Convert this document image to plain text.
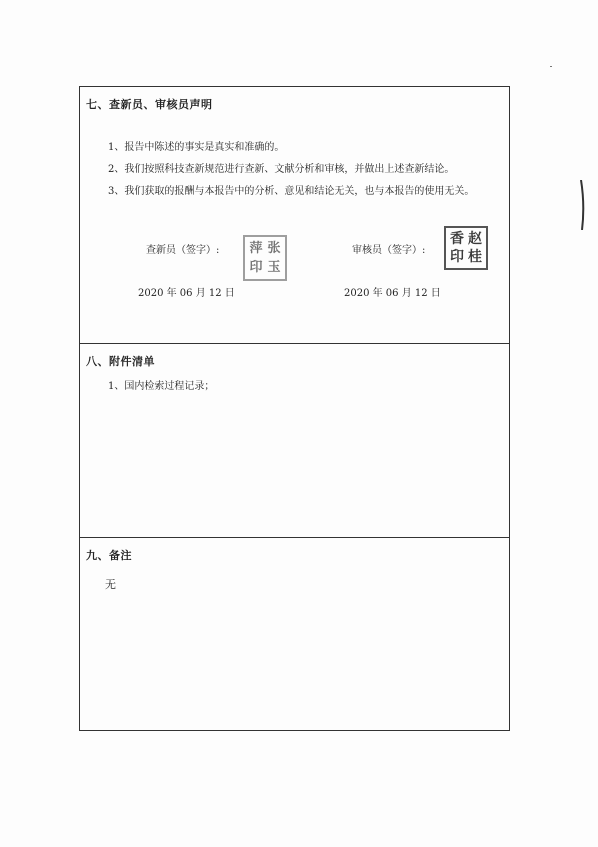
七、查新员、审核员声明
1、报告中陈述的事实是真实和准确的。
2、我们按照科技查新规范进行查新、文献分析和审核，并做出上述查新结论。
3、我们获取的报酬与本报告中的分析、意见和结论无关，也与本报告的使用无关。
查新员（签字）: 萍 张
印 玉
审核员（签字）:
香 赵
印 桂
2020 年 06 月 12 日	2020 年 06 月 12 日
八、附件清单
1、国内检索过程记录；
九、备注
无
